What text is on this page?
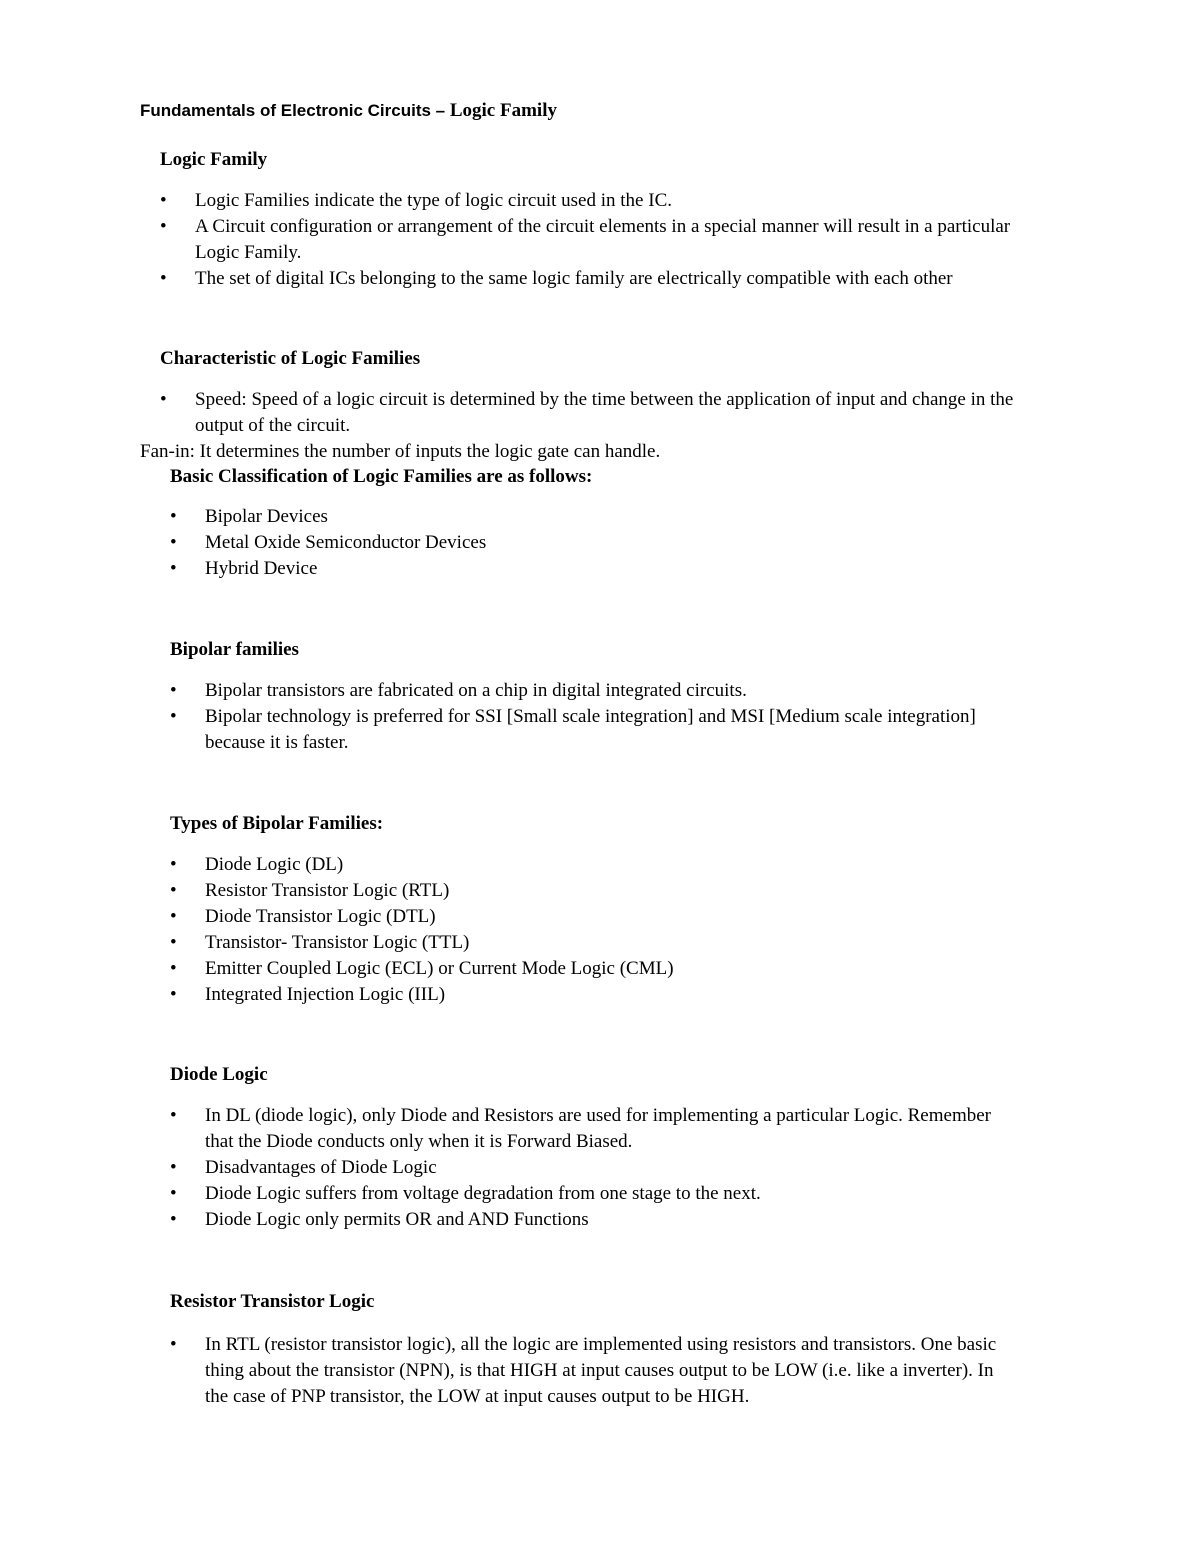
Fundamentals of Electronic Circuits – Logic Family

Logic Family

• Logic Families indicate the type of logic circuit used in the IC.
• A Circuit configuration or arrangement of the circuit elements in a special manner will result in a particular
Logic Family.
• The set of digital ICs belonging to the same logic family are electrically compatible with each other

Characteristic of Logic Families

• Speed: Speed of a logic circuit is determined by the time between the application of input and change in the
output of the circuit.

Fan-in: It determines the number of inputs the logic gate can handle.

Basic Classification of Logic Families are as follows:

• Bipolar Devices
• Metal Oxide Semiconductor Devices
• Hybrid Device

Bipolar families

• Bipolar transistors are fabricated on a chip in digital integrated circuits.
• Bipolar technology is preferred for SSI [Small scale integration] and MSI [Medium scale integration]
because it is faster.

Types of Bipolar Families:

• Diode Logic (DL)
• Resistor Transistor Logic (RTL)
• Diode Transistor Logic (DTL)
• Transistor- Transistor Logic (TTL)
• Emitter Coupled Logic (ECL) or Current Mode Logic (CML)
• Integrated Injection Logic (IIL)

Diode Logic

• In DL (diode logic), only Diode and Resistors are used for implementing a particular Logic. Remember
that the Diode conducts only when it is Forward Biased.
• Disadvantages of Diode Logic
• Diode Logic suffers from voltage degradation from one stage to the next.
• Diode Logic only permits OR and AND Functions

Resistor Transistor Logic

• In RTL (resistor transistor logic), all the logic are implemented using resistors and transistors. One basic
thing about the transistor (NPN), is that HIGH at input causes output to be LOW (i.e. like a inverter). In
the case of PNP transistor, the LOW at input causes output to be HIGH.
